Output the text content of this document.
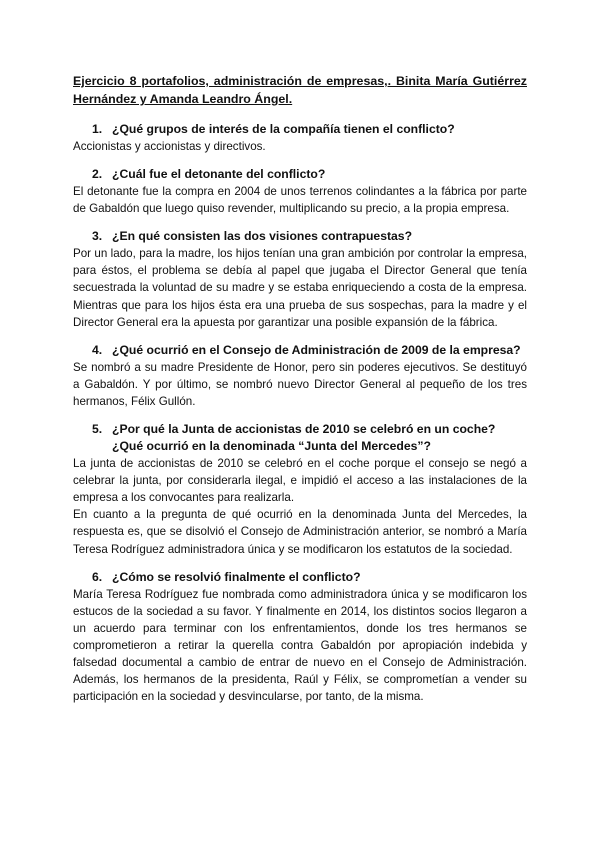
Ejercicio 8 portafolios, administración de empresas,. Binita María Gutiérrez Hernández y Amanda Leandro Ángel.

1. ¿Qué grupos de interés de la compañía tienen el conflicto?

Accionistas y accionistas y directivos.

2. ¿Cuál fue el detonante del conflicto?

El detonante fue la compra en 2004 de unos terrenos colindantes a la fábrica por parte de Gabaldón que luego quiso revender, multiplicando su precio, a la propia empresa.

3. ¿En qué consisten las dos visiones contrapuestas?

Por un lado, para la madre, los hijos tenían una gran ambición por controlar la empresa, para éstos, el problema se debía al papel que jugaba el Director General que tenía secuestrada la voluntad de su madre y se estaba enriqueciendo a costa de la empresa. Mientras que para los hijos ésta era una prueba de sus sospechas, para la madre y el Director General era la apuesta por garantizar una posible expansión de la fábrica.

4. ¿Qué ocurrió en el Consejo de Administración de 2009 de la empresa?

Se nombró a su madre Presidente de Honor, pero sin poderes ejecutivos. Se destituyó a Gabaldón. Y por último, se nombró nuevo Director General al pequeño de los tres hermanos, Félix Gullón.

5. ¿Por qué la Junta de accionistas de 2010 se celebró en un coche? ¿Qué ocurrió en la denominada “Junta del Mercedes”?

La junta de accionistas de 2010 se celebró en el coche porque el consejo se negó a celebrar la junta, por considerarla ilegal, e impidió el acceso a las instalaciones de la empresa a los convocantes para realizarla.

En cuanto a la pregunta de qué ocurrió en la denominada Junta del Mercedes, la respuesta es, que se disolvió el Consejo de Administración anterior, se nombró a María Teresa Rodríguez administradora única y se modificaron los estatutos de la sociedad.

6. ¿Cómo se resolvió finalmente el conflicto?

María Teresa Rodríguez fue nombrada como administradora única y se modificaron los estucos de la sociedad a su favor. Y finalmente en 2014, los distintos socios llegaron a un acuerdo para terminar con los enfrentamientos, donde los tres hermanos se comprometieron a retirar la querella contra Gabaldón por apropiación indebida y falsedad documental a cambio de entrar de nuevo en el Consejo de Administración. Además, los hermanos de la presidenta, Raúl y Félix, se comprometían a vender su participación en la sociedad y desvincularse, por tanto, de la misma.
